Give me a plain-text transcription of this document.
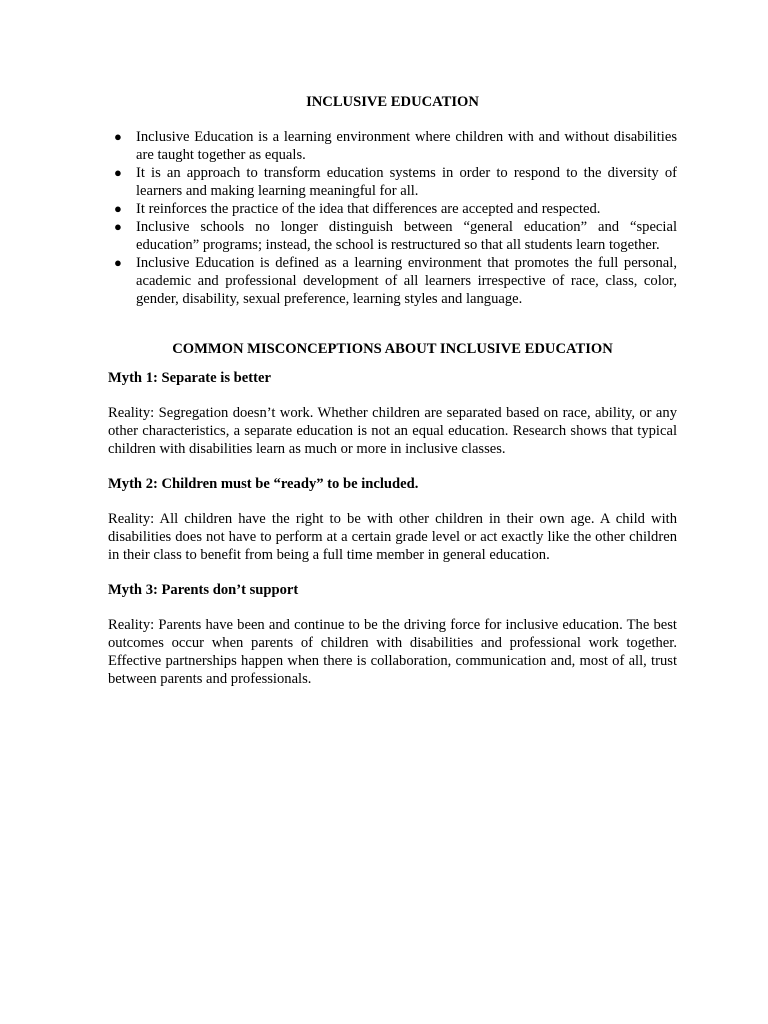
INCLUSIVE EDUCATION
● Inclusive Education is a learning environment where children with and without disabilities are taught together as equals.
● It is an approach to transform education systems in order to respond to the diversity of learners and making learning meaningful for all.
● It reinforces the practice of the idea that differences are accepted and respected.
● Inclusive schools no longer distinguish between “general education” and “special education” programs; instead, the school is restructured so that all students learn together.
● Inclusive Education is defined as a learning environment that promotes the full personal, academic and professional development of all learners irrespective of race, class, color, gender, disability, sexual preference, learning styles and language.
COMMON MISCONCEPTIONS ABOUT INCLUSIVE EDUCATION
Myth 1: Separate is better
Reality: Segregation doesn’t work. Whether children are separated based on race, ability, or any other characteristics, a separate education is not an equal education. Research shows that typical children with disabilities learn as much or more in inclusive classes.
Myth 2: Children must be “ready” to be included.
Reality: All children have the right to be with other children in their own age. A child with disabilities does not have to perform at a certain grade level or act exactly like the other children in their class to benefit from being a full time member in general education.
Myth 3: Parents don’t support
Reality: Parents have been and continue to be the driving force for inclusive education. The best outcomes occur when parents of children with disabilities and professional work together. Effective partnerships happen when there is collaboration, communication and, most of all, trust between parents and professionals.
